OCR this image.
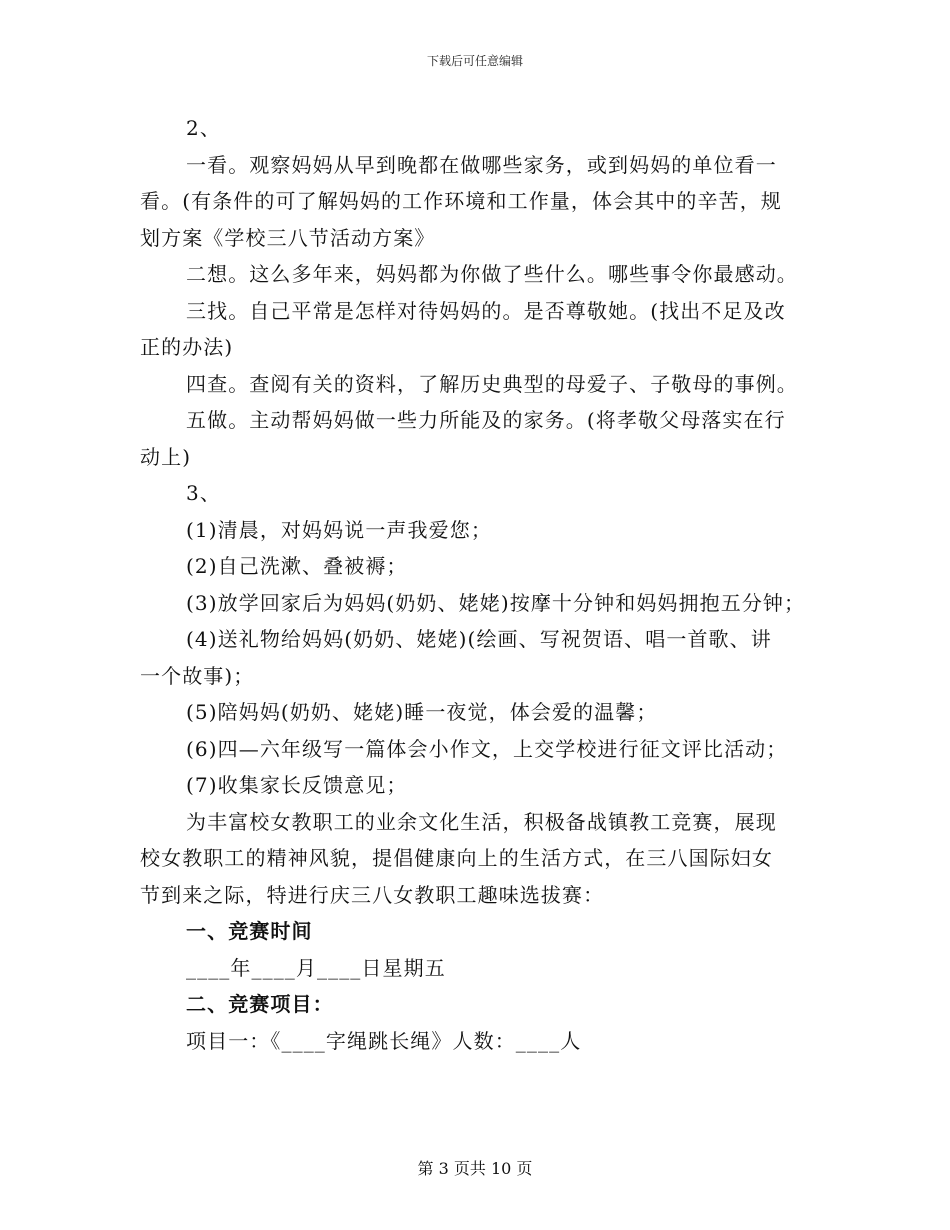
下载后可任意编辑

2、

一看。观察妈妈从早到晚都在做哪些家务，或到妈妈的单位看一

看。(有条件的可了解妈妈的工作环境和工作量，体会其中的辛苦，规

划方案《学校三八节活动方案》

二想。这么多年来，妈妈都为你做了些什么。哪些事令你最感动。

三找。自己平常是怎样对待妈妈的。是否尊敬她。(找出不足及改

正的办法)

四查。查阅有关的资料，了解历史典型的母爱子、子敬母的事例。

五做。主动帮妈妈做一些力所能及的家务。(将孝敬父母落实在行

动上)

3、

(1)清晨，对妈妈说一声我爱您；

(2)自己洗漱、叠被褥；

(3)放学回家后为妈妈(奶奶、姥姥)按摩十分钟和妈妈拥抱五分钟；

(4)送礼物给妈妈(奶奶、姥姥)(绘画、写祝贺语、唱一首歌、讲

一个故事)；

(5)陪妈妈(奶奶、姥姥)睡一夜觉，体会爱的温馨；

(6)四—六年级写一篇体会小作文，上交学校进行征文评比活动；

(7)收集家长反馈意见；

为丰富校女教职工的业余文化生活，积极备战镇教工竞赛，展现

校女教职工的精神风貌，提倡健康向上的生活方式，在三八国际妇女

节到来之际，特进行庆三八女教职工趣味选拔赛：

一、竞赛时间

____年____月____日星期五

二、竞赛项目：

项目一：《____字绳跳长绳》人数：____人

第 3 页共 10 页
